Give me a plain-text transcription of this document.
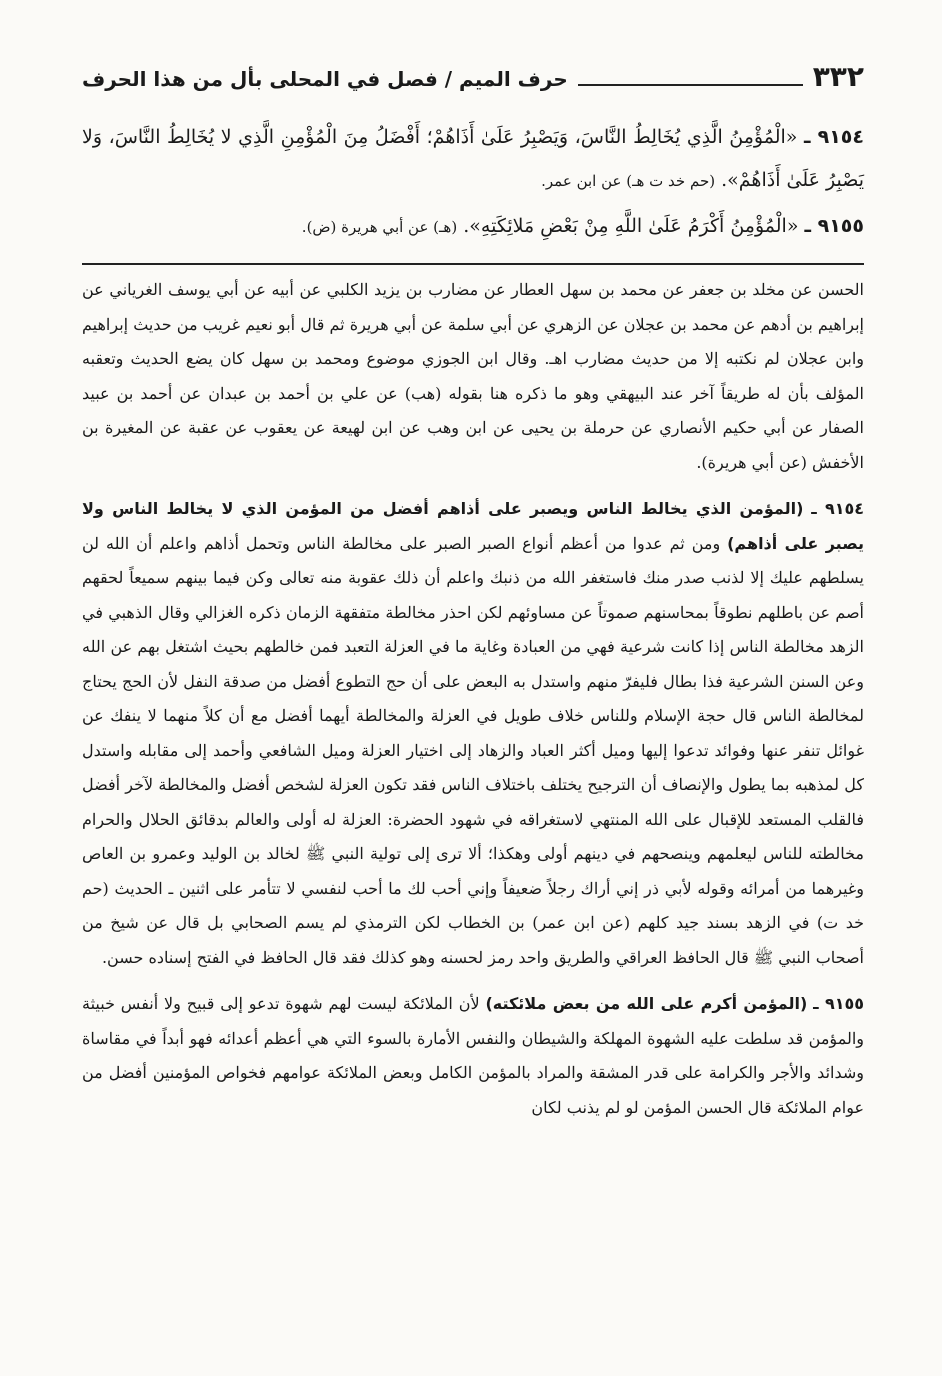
٣٣٢
حرف الميم / فصل في المحلى بأل من هذا الحرف
٩١٥٤ ـ «الْمُؤْمِنُ الَّذِي يُخَالِطُ النَّاسَ، وَيَصْبِرُ عَلَىٰ أَذَاهُمْ؛ أَفْضَلُ مِنَ الْمُؤْمِنِ الَّذِي لا يُخَالِطُ النَّاسَ، وَلا يَصْبِرُ عَلَىٰ أَذَاهُمْ». (حم خد ت هـ) عن ابن عمر.
٩١٥٥ ـ «الْمُؤْمِنُ أَكْرَمُ عَلَىٰ اللَّهِ مِنْ بَعْضِ مَلائِكَتِهِ». (هـ) عن أبي هريرة (ض).

الحسن عن مخلد بن جعفر عن محمد بن سهل العطار عن مضارب بن يزيد الكلبي عن أبيه عن أبي يوسف الغرياني عن إبراهيم بن أدهم عن محمد بن عجلان عن الزهري عن أبي سلمة عن أبي هريرة ثم قال أبو نعيم غريب من حديث إبراهيم وابن عجلان لم نكتبه إلا من حديث مضارب اهـ. وقال ابن الجوزي موضوع ومحمد بن سهل كان يضع الحديث وتعقبه المؤلف بأن له طريقاً آخر عند البيهقي وهو ما ذكره هنا بقوله (هب) عن علي بن أحمد بن عبدان عن أحمد بن عبيد الصفار عن أبي حكيم الأنصاري عن حرملة بن يحيى عن ابن وهب عن ابن لهيعة عن يعقوب عن عقبة عن المغيرة بن الأخفش (عن أبي هريرة).

٩١٥٤ ـ (المؤمن الذي يخالط الناس ويصبر على أذاهم أفضل من المؤمن الذي لا يخالط الناس ولا يصبر على أذاهم) ومن ثم عدوا من أعظم أنواع الصبر الصبر على مخالطة الناس وتحمل أذاهم واعلم أن الله لن يسلطهم عليك إلا لذنب صدر منك فاستغفر الله من ذنبك واعلم أن ذلك عقوبة منه تعالى وكن فيما بينهم سميعاً لحقهم أصم عن باطلهم نطوقاً بمحاسنهم صموتاً عن مساوئهم لكن احذر مخالطة متفقهة الزمان ذكره الغزالي وقال الذهبي في الزهد مخالطة الناس إذا كانت شرعية فهي من العبادة وغاية ما في العزلة التعبد فمن خالطهم بحيث اشتغل بهم عن الله وعن السنن الشرعية فذا بطال فليفرّ منهم واستدل به البعض على أن حج التطوع أفضل من صدقة النفل لأن الحج يحتاج لمخالطة الناس قال حجة الإسلام وللناس خلاف طويل في العزلة والمخالطة أيهما أفضل مع أن كلاً منهما لا ينفك عن غوائل تنفر عنها وفوائد تدعوا إليها وميل أكثر العباد والزهاد إلى اختيار العزلة وميل الشافعي وأحمد إلى مقابله واستدل كل لمذهبه بما يطول والإنصاف أن الترجيح يختلف باختلاف الناس فقد تكون العزلة لشخص أفضل والمخالطة لآخر أفضل فالقلب المستعد للإقبال على الله المنتهي لاستغراقه في شهود الحضرة: العزلة له أولى والعالم بدقائق الحلال والحرام مخالطته للناس ليعلمهم وينصحهم في دينهم أولى وهكذا؛ ألا ترى إلى تولية النبي ﷺ لخالد بن الوليد وعمرو بن العاص وغيرهما من أمرائه وقوله لأبي ذر إني أراك رجلاً ضعيفاً وإني أحب لك ما أحب لنفسي لا تتأمر على اثنين ـ الحديث (حم خد ت) في الزهد بسند جيد كلهم (عن ابن عمر) بن الخطاب لكن الترمذي لم يسم الصحابي بل قال عن شيخ من أصحاب النبي ﷺ قال الحافظ العراقي والطريق واحد رمز لحسنه وهو كذلك فقد قال الحافظ في الفتح إسناده حسن.

٩١٥٥ ـ (المؤمن أكرم على الله من بعض ملائكته) لأن الملائكة ليست لهم شهوة تدعو إلى قبيح ولا أنفس خبيثة والمؤمن قد سلطت عليه الشهوة المهلكة والشيطان والنفس الأمارة بالسوء التي هي أعظم أعدائه فهو أبداً في مقاساة وشدائد والأجر والكرامة على قدر المشقة والمراد بالمؤمن الكامل وبعض الملائكة عوامهم فخواص المؤمنين أفضل من عوام الملائكة قال الحسن المؤمن لو لم يذنب لكان
